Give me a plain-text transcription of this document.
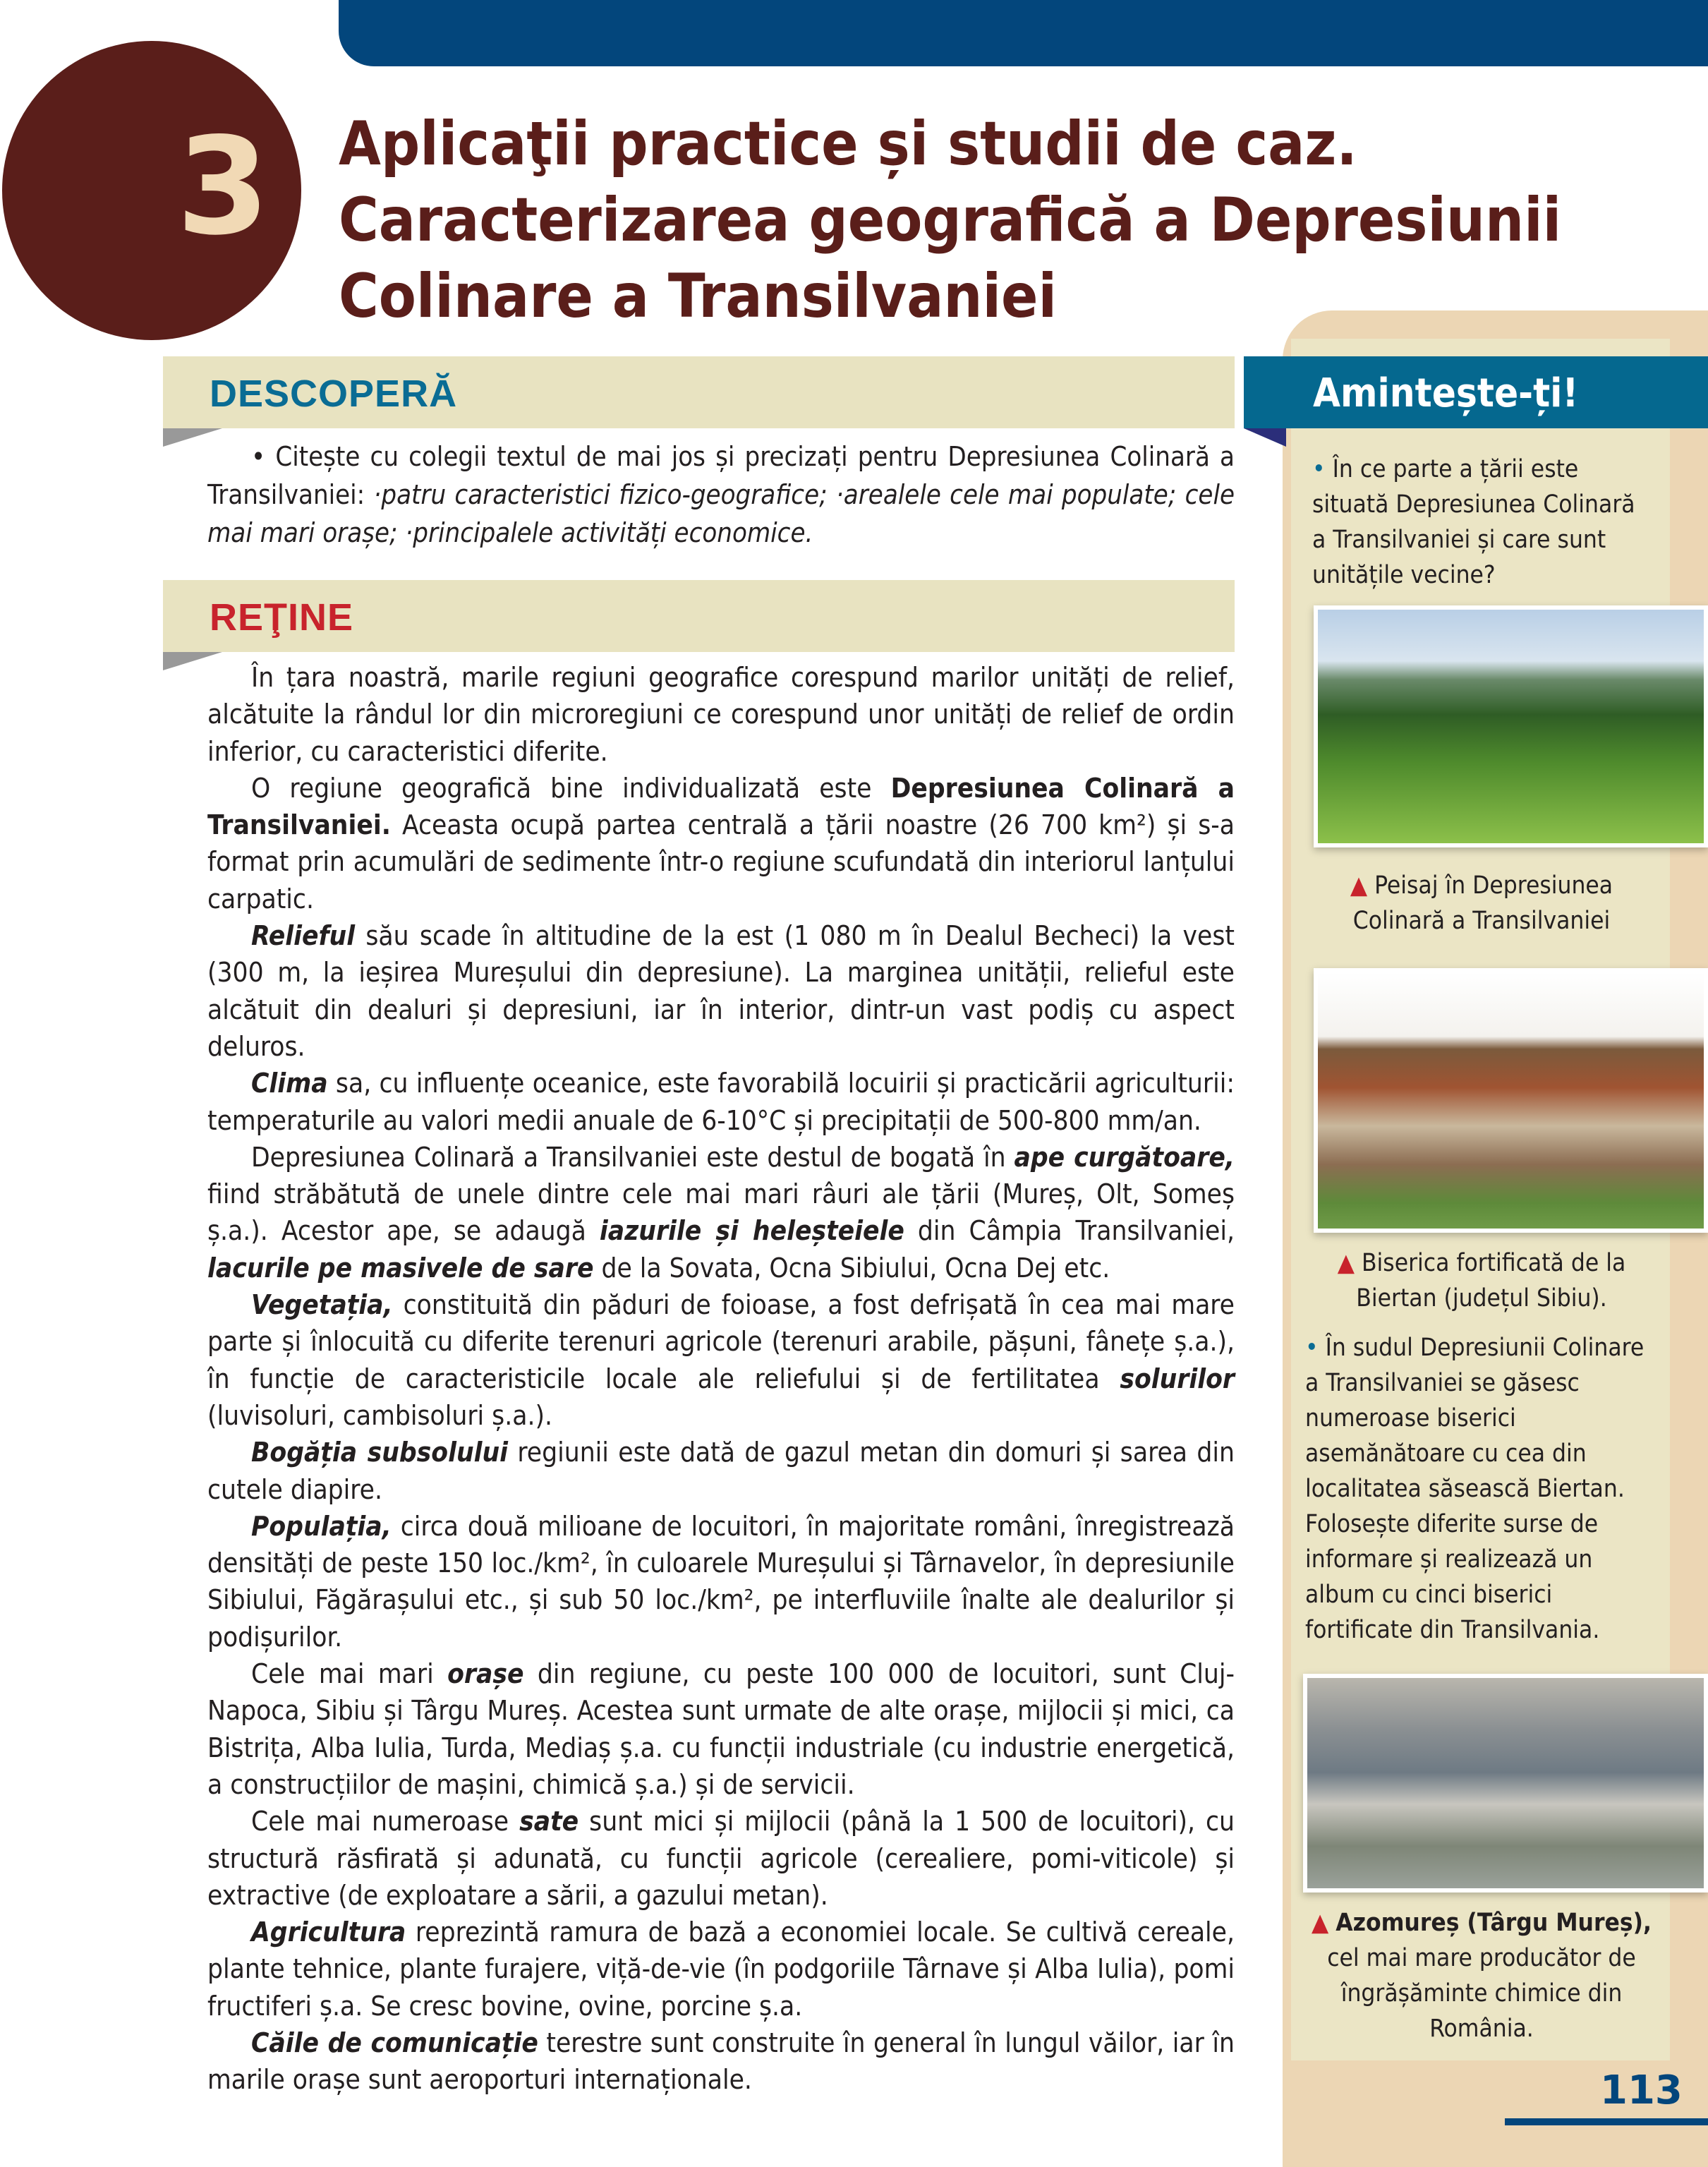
3 Aplicaţii practice și studii de caz.
Caracterizarea geografică a Depresiunii
Colinare a Transilvaniei
DESCOPERĂ
• Citește cu colegii textul de mai jos și precizați pentru Depresiunea Colinară a Transilvaniei: ·patru caracteristici fizico-geografice; ·arealele cele mai populate; cele mai mari orașe; ·principalele activități economice.
REŢINE

În țara noastră, marile regiuni geografice corespund marilor unități de relief, alcătuite la rândul lor din microregiuni ce corespund unor unități de relief de ordin inferior, cu caracteristici diferite.

O regiune geografică bine individualizată este Depresiunea Colinară a Transilvaniei. Aceasta ocupă partea centrală a țării noastre (26 700 km²) și s-a format prin acumulări de sedimente într-o regiune scufundată din interiorul lanțului carpatic.

Relieful său scade în altitudine de la est (1 080 m în Dealul Becheci) la vest (300 m, la ieșirea Mureșului din depresiune). La marginea unității, relieful este alcătuit din dealuri și depresiuni, iar în interior, dintr-un vast podiș cu aspect deluros.

Clima sa, cu influențe oceanice, este favorabilă locuirii și practicării agriculturii: temperaturile au valori medii anuale de 6-10°C și precipitații de 500-800 mm/an.

Depresiunea Colinară a Transilvaniei este destul de bogată în ape curgătoare, fiind străbătută de unele dintre cele mai mari râuri ale țării (Mureș, Olt, Someș ș.a.). Acestor ape, se adaugă iazurile și heleșteiele din Câmpia Transilvaniei, lacurile pe masivele de sare de la Sovata, Ocna Sibiului, Ocna Dej etc.

Vegetația, constituită din păduri de foioase, a fost defrișată în cea mai mare parte și înlocuită cu diferite terenuri agricole (terenuri arabile, pășuni, fânețe ș.a.), în funcție de caracteristicile locale ale reliefului și de fertilitatea solurilor (luvisoluri, cambisoluri ș.a.).

Bogăția subsolului regiunii este dată de gazul metan din domuri și sarea din cutele diapire.

Populația, circa două milioane de locuitori, în majoritate români, înregistrează densități de peste 150 loc./km², în culoarele Mureșului și Târnavelor, în depresiunile Sibiului, Făgărașului etc., și sub 50 loc./km², pe interfluviile înalte ale dealurilor și podișurilor.

Cele mai mari orașe din regiune, cu peste 100 000 de locuitori, sunt Cluj-Napoca, Sibiu și Târgu Mureș. Acestea sunt urmate de alte orașe, mijlocii și mici, ca Bistrița, Alba Iulia, Turda, Mediaș ș.a. cu funcții industriale (cu industrie energetică, a construcțiilor de mașini, chimică ș.a.) și de servicii.

Cele mai numeroase sate sunt mici și mijlocii (până la 1 500 de locuitori), cu structură răsfirată și adunată, cu funcții agricole (cerealiere, pomi-viticole) și extractive (de exploatare a sării, a gazului metan).

Agricultura reprezintă ramura de bază a economiei locale. Se cultivă cereale, plante tehnice, plante furajere, viță-de-vie (în podgoriile Târnave și Alba Iulia), pomi fructiferi ș.a. Se cresc bovine, ovine, porcine ș.a.

Căile de comunicație terestre sunt construite în general în lungul văilor, iar în marile orașe sunt aeroporturi internaționale.

Amintește-ți!
• În ce parte a țării este situată Depresiunea Colinară a Transilvaniei și care sunt unitățile vecine?
▲ Peisaj în Depresiunea Colinară a Transilvaniei
▲ Biserica fortificată de la Biertan (județul Sibiu).
• În sudul Depresiunii Colinare a Transilvaniei se găsesc numeroase biserici asemănătoare cu cea din localitatea săsească Biertan. Folosește diferite surse de informare și realizează un album cu cinci biserici fortificate din Transilvania.
▲ Azomureș (Târgu Mureș), cel mai mare producător de îngrășăminte chimice din România.
113
